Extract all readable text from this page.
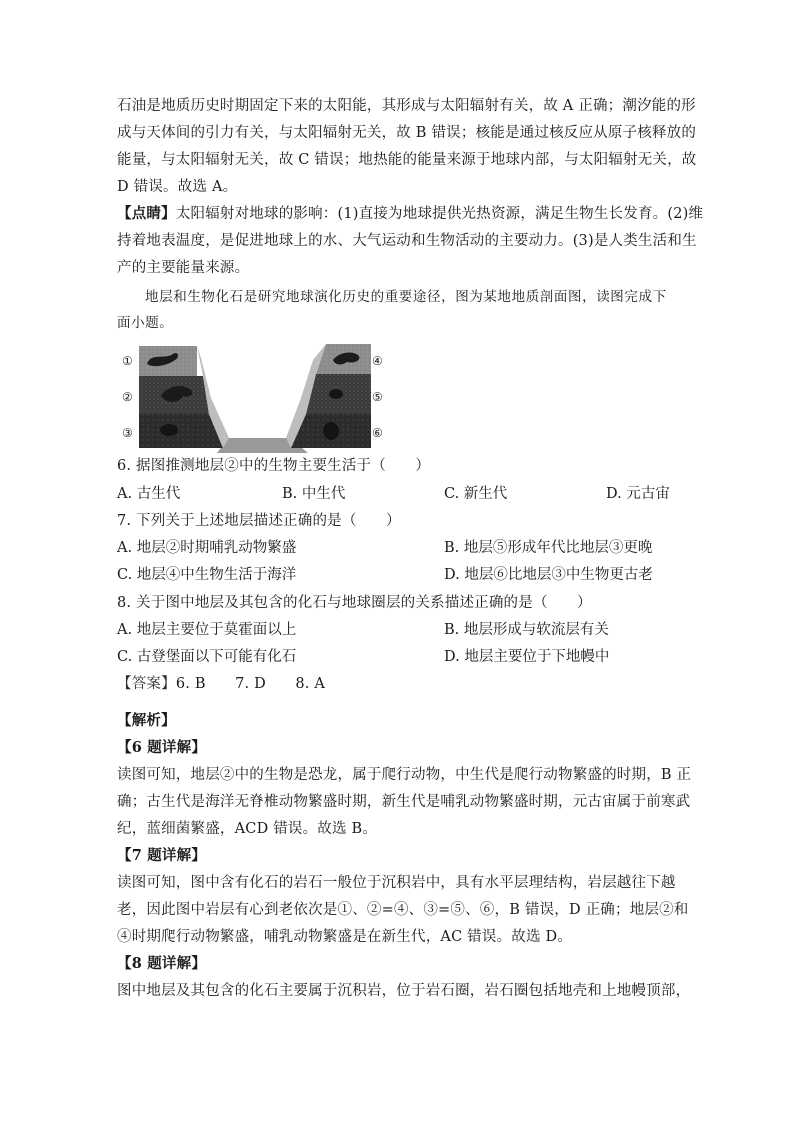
石油是地质历史时期固定下来的太阳能，其形成与太阳辐射有关，故 A 正确；潮汐能的形
成与天体间的引力有关，与太阳辐射无关，故 B 错误；核能是通过核反应从原子核释放的
能量，与太阳辐射无关，故 C 错误；地热能的能量来源于地球内部，与太阳辐射无关，故
D 错误。故选 A。
【点睛】太阳辐射对地球的影响：(1)直接为地球提供光热资源，满足生物生长发育。(2)维
持着地表温度，是促进地球上的水、大气运动和生物活动的主要动力。(3)是人类生活和生
产的主要能量来源。
地层和生物化石是研究地球演化历史的重要途径，图为某地地质剖面图，读图完成下
面小题。
①
②
③
④
⑤
⑥
6. 据图推测地层②中的生物主要生活于（　　）
A. 古生代	B. 中生代	C. 新生代	D. 元古宙
7. 下列关于上述地层描述正确的是（　　）
A. 地层②时期哺乳动物繁盛	B. 地层⑤形成年代比地层③更晚
C. 地层④中生物生活于海洋	D. 地层⑥比地层③中生物更古老
8. 关于图中地层及其包含的化石与地球圈层的关系描述正确的是（　　）
A. 地层主要位于莫霍面以上	B. 地层形成与软流层有关
C. 古登堡面以下可能有化石	D. 地层主要位于下地幔中
【答案】6. B　　7. D　　8. A
【解析】
【6 题详解】
读图可知，地层②中的生物是恐龙，属于爬行动物，中生代是爬行动物繁盛的时期，B 正
确；古生代是海洋无脊椎动物繁盛时期，新生代是哺乳动物繁盛时期，元古宙属于前寒武
纪，蓝细菌繁盛，ACD 错误。故选 B。
【7 题详解】
读图可知，图中含有化石的岩石一般位于沉积岩中，具有水平层理结构，岩层越往下越
老，因此图中岩层有心到老依次是①、②=④、③=⑤、⑥，B 错误，D 正确；地层②和
④时期爬行动物繁盛，哺乳动物繁盛是在新生代，AC 错误。故选 D。
【8 题详解】
图中地层及其包含的化石主要属于沉积岩，位于岩石圈，岩石圈包括地壳和上地幔顶部，
